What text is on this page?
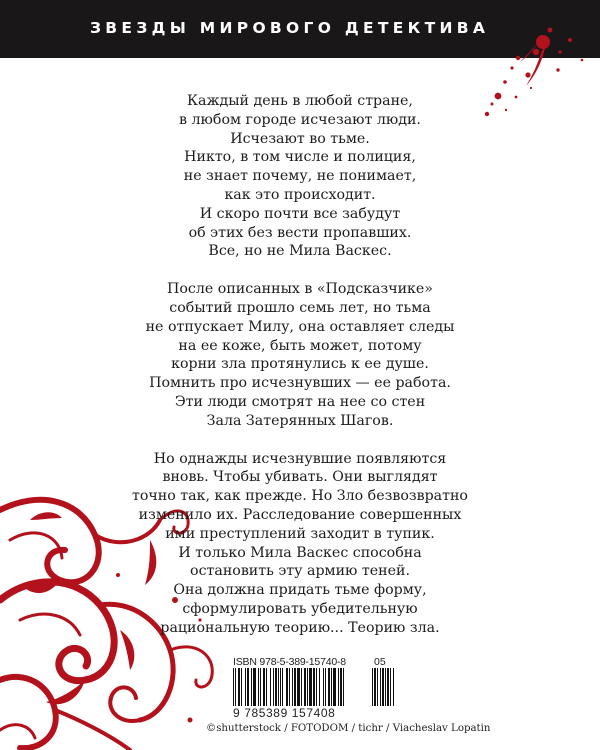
ЗВЕЗДЫ МИРОВОГО ДЕТЕКТИВА

Каждый день в любой стране,
в любом городе исчезают люди.
Исчезают во тьме.
Никто, в том числе и полиция,
не знает почему, не понимает,
как это происходит.
И скоро почти все забудут
об этих без вести пропавших.
Все, но не Мила Васкес.

После описанных в «Подсказчике»
событий прошло семь лет, но тьма
не отпускает Милу, она оставляет следы
на ее коже, быть может, потому
корни зла протянулись к ее душе.
Помнить про исчезнувших — ее работа.
Эти люди смотрят на нее со стен
Зала Затерянных Шагов.

Но однажды исчезнувшие появляются
вновь. Чтобы убивать. Они выглядят
точно так, как прежде. Но Зло безвозвратно
изменило их. Расследование совершенных
ими преступлений заходит в тупик.
И только Мила Васкес способна
остановить эту армию теней.
Она должна придать тьме форму,
сформулировать убедительную
рациональную теорию... Теорию зла.

ISBN 978-5-389-15740-8
9 785389 157408
05
©shutterstock / FOTODOM / tichr / Viacheslav Lopatin
